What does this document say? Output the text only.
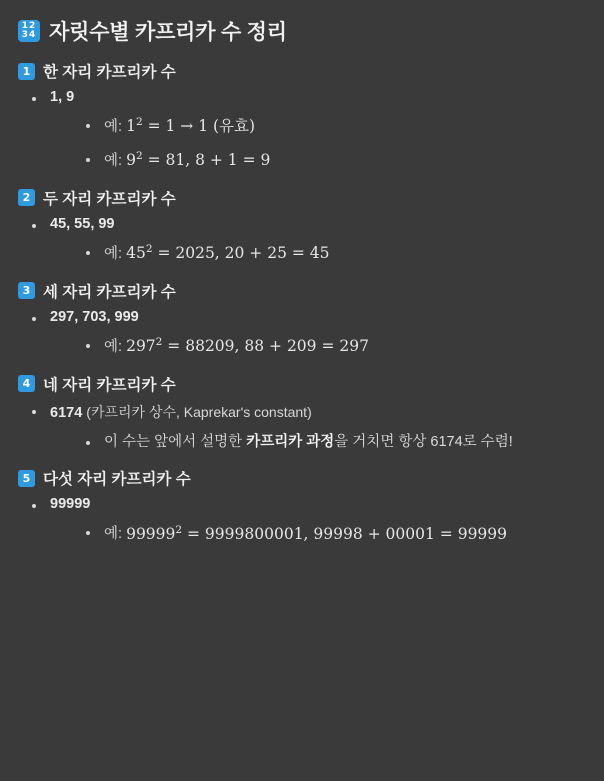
12
34 자릿수별 카프리카 수 정리
1 한 자리 카프리카 수
1, 9
예: $1^2 = 1 \to 1$ (유효)
예: $9^2 = 81$, 8 + 1 = 9
2 두 자리 카프리카 수
45, 55, 99
예: $45^2 = 2025$, 20 + 25 = 45
3 세 자리 카프리카 수
297, 703, 999
예: $297^2 = 88209$, 88 + 209 = 297
4 네 자리 카프리카 수
6174 (카프리카 상수, Kaprekar's constant)
이 수는 앞에서 설명한 카프리카 과정을 거치면 항상 6174로 수렴!
5 다섯 자리 카프리카 수
99999
예: $99999^2 = 9999800001$, 99998 + 00001 = 99999
